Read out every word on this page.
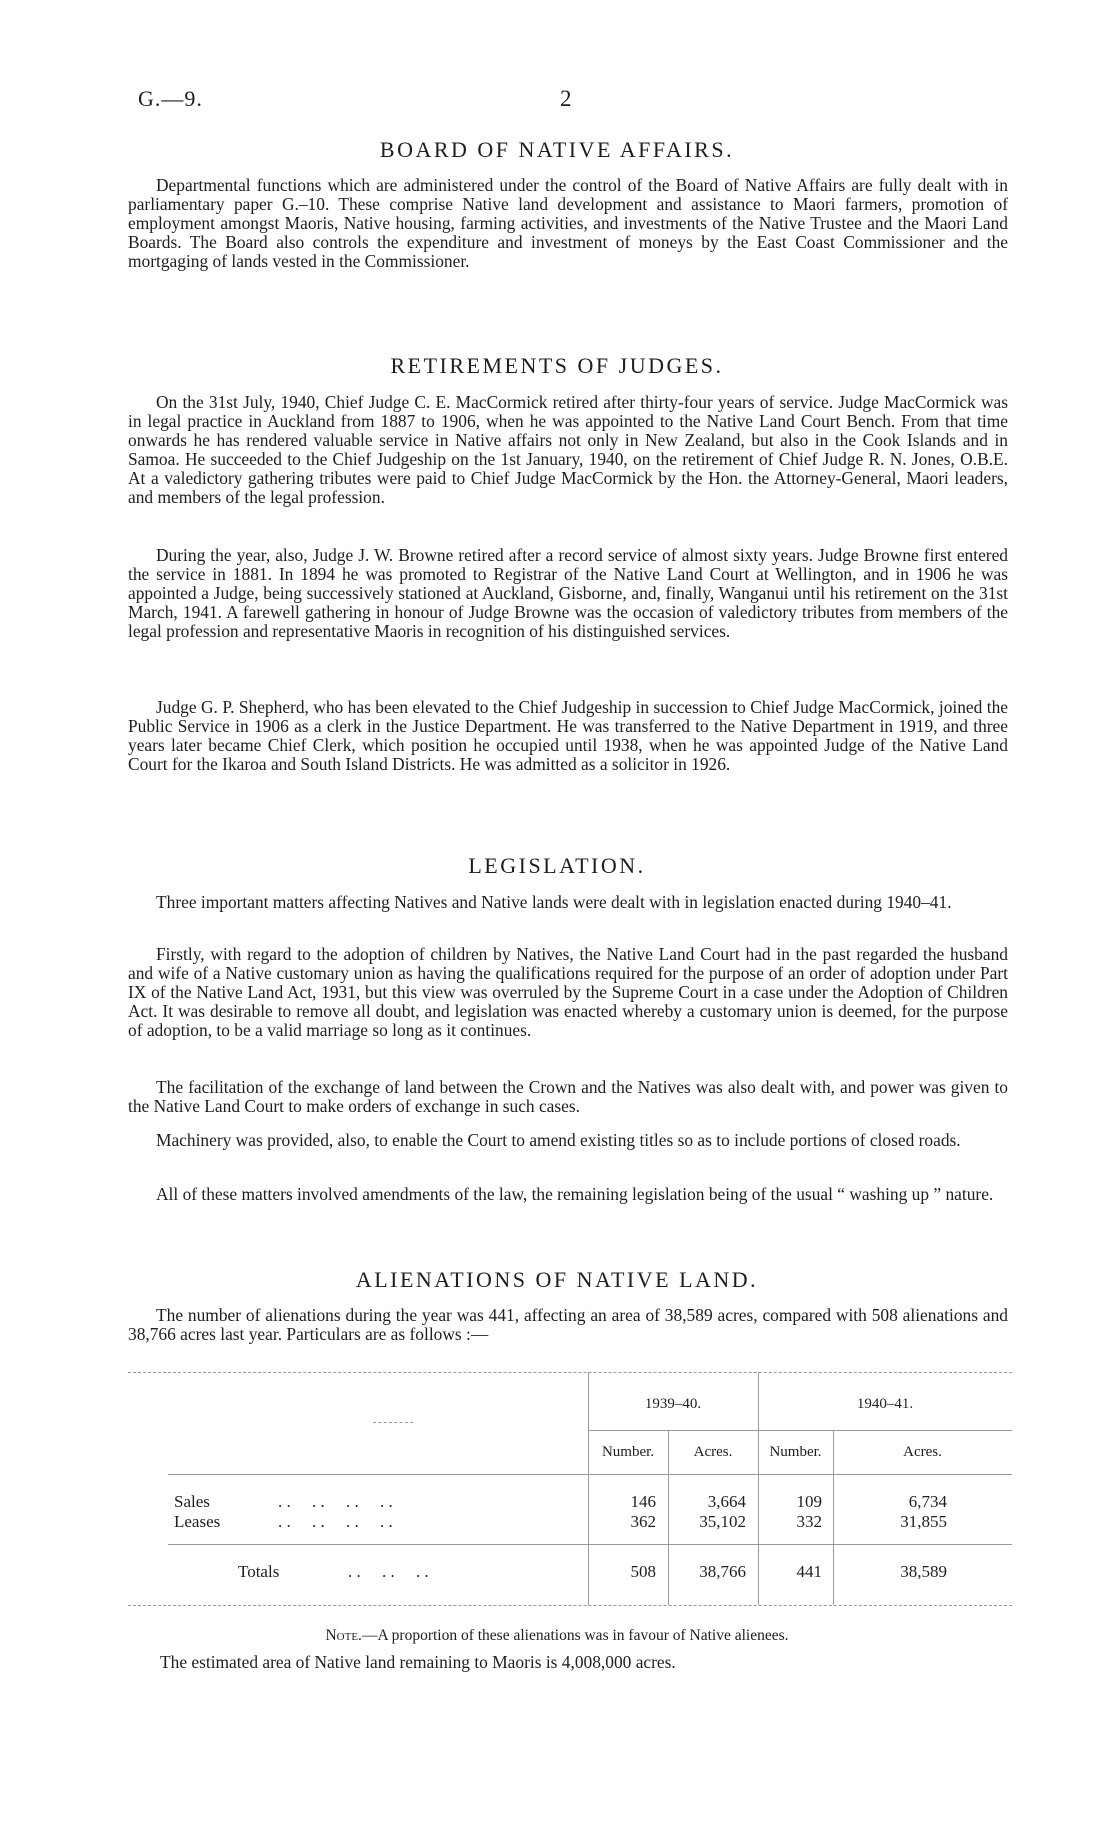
G.—9.	2
BOARD OF NATIVE AFFAIRS.

Departmental functions which are administered under the control of the Board of Native Affairs are fully dealt with in parliamentary paper G.–10. These comprise Native land development and assistance to Maori farmers, promotion of employment amongst Maoris, Native housing, farming activities, and investments of the Native Trustee and the Maori Land Boards. The Board also controls the expenditure and investment of moneys by the East Coast Commissioner and the mortgaging of lands vested in the Commissioner.

RETIREMENTS OF JUDGES.

On the 31st July, 1940, Chief Judge C. E. MacCormick retired after thirty-four years of service. Judge MacCormick was in legal practice in Auckland from 1887 to 1906, when he was appointed to the Native Land Court Bench. From that time onwards he has rendered valuable service in Native affairs not only in New Zealand, but also in the Cook Islands and in Samoa. He succeeded to the Chief Judgeship on the 1st January, 1940, on the retirement of Chief Judge R. N. Jones, O.B.E. At a valedictory gathering tributes were paid to Chief Judge MacCormick by the Hon. the Attorney-General, Maori leaders, and members of the legal profession.

During the year, also, Judge J. W. Browne retired after a record service of almost sixty years. Judge Browne first entered the service in 1881. In 1894 he was promoted to Registrar of the Native Land Court at Wellington, and in 1906 he was appointed a Judge, being successively stationed at Auckland, Gisborne, and, finally, Wanganui until his retirement on the 31st March, 1941. A farewell gathering in honour of Judge Browne was the occasion of valedictory tributes from members of the legal profession and representative Maoris in recognition of his distinguished services.

Judge G. P. Shepherd, who has been elevated to the Chief Judgeship in succession to Chief Judge MacCormick, joined the Public Service in 1906 as a clerk in the Justice Department. He was transferred to the Native Department in 1919, and three years later became Chief Clerk, which position he occupied until 1938, when he was appointed Judge of the Native Land Court for the Ikaroa and South Island Districts. He was admitted as a solicitor in 1926.

LEGISLATION.

Three important matters affecting Natives and Native lands were dealt with in legislation enacted during 1940–41.

Firstly, with regard to the adoption of children by Natives, the Native Land Court had in the past regarded the husband and wife of a Native customary union as having the qualifications required for the purpose of an order of adoption under Part IX of the Native Land Act, 1931, but this view was overruled by the Supreme Court in a case under the Adoption of Children Act. It was desirable to remove all doubt, and legislation was enacted whereby a customary union is deemed, for the purpose of adoption, to be a valid marriage so long as it continues.

The facilitation of the exchange of land between the Crown and the Natives was also dealt with, and power was given to the Native Land Court to make orders of exchange in such cases.

Machinery was provided, also, to enable the Court to amend existing titles so as to include portions of closed roads.

All of these matters involved amendments of the law, the remaining legislation being of the usual “ washing up ” nature.

ALIENATIONS OF NATIVE LAND.

The number of alienations during the year was 441, affecting an area of 38,589 acres, compared with 508 alienations and 38,766 acres last year. Particulars are as follows :—

1939–40.	1940–41.
Number.	Acres.	Number.	Acres.
Sales	. .     . .     . .     . .	146	3,664	109	6,734
Leases	. .     . .     . .     . .	362	35,102	332	31,855
Totals	. .     . .     . .	508	38,766	441	38,589
Note.—A proportion of these alienations was in favour of Native alienees.
The estimated area of Native land remaining to Maoris is 4,008,000 acres.
